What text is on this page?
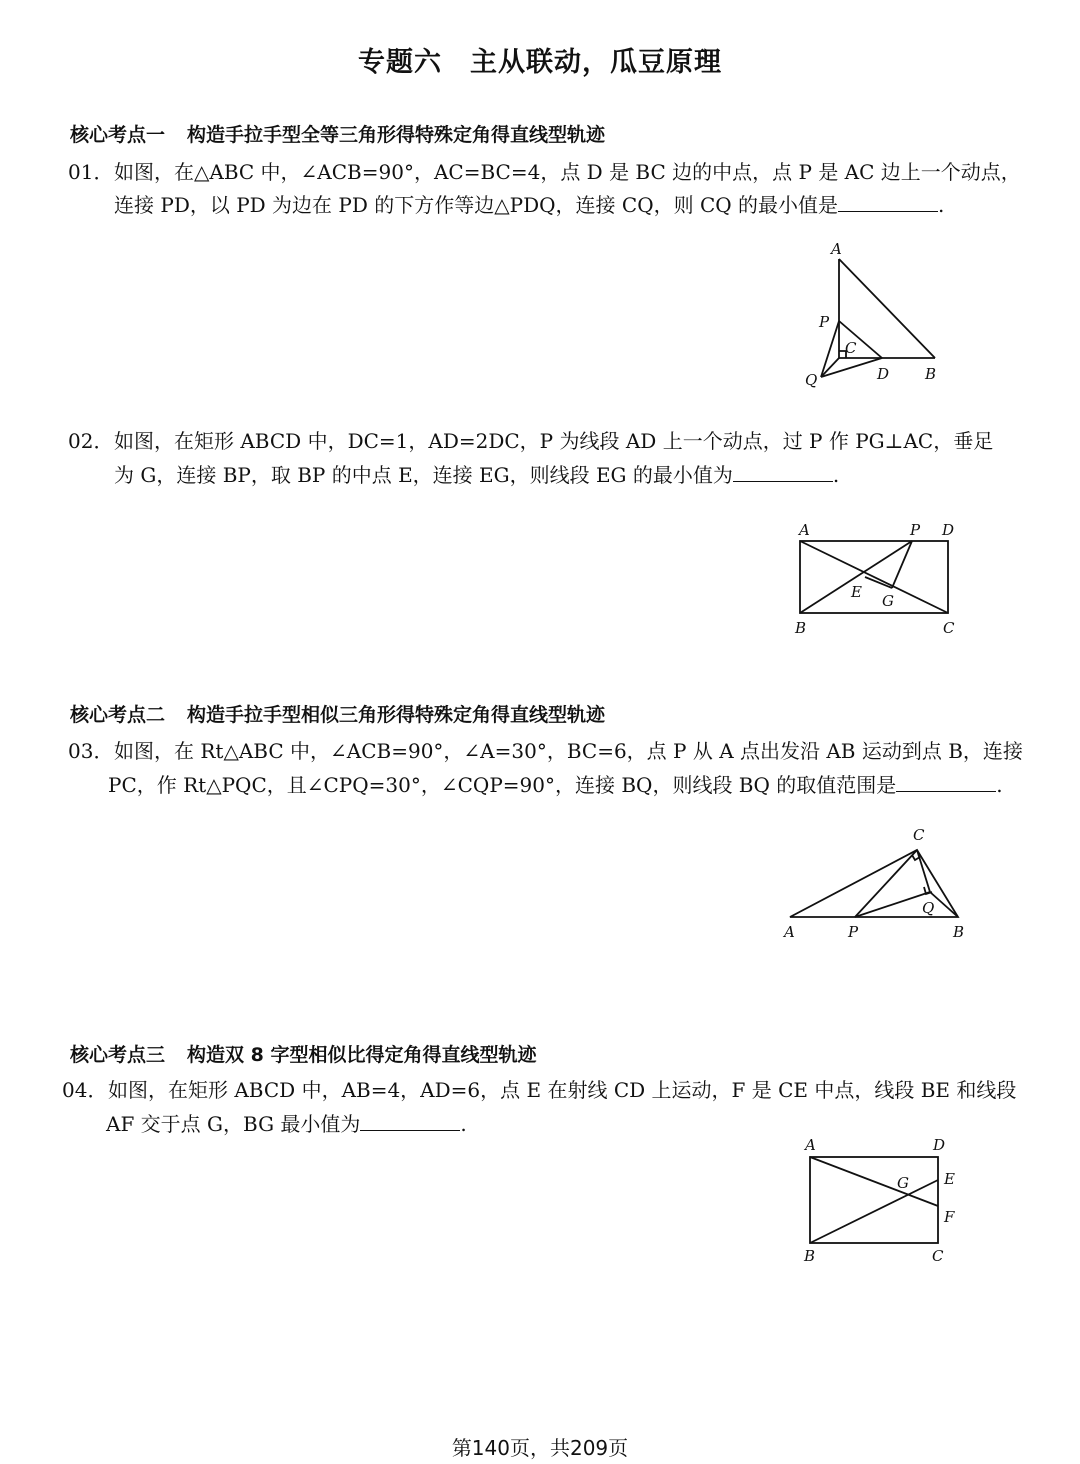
专题六　主从联动，瓜豆原理
核心考点一 构造手拉手型全等三角形得特殊定角得直线型轨迹
01．如图，在△ABC 中，∠ACB=90°，AC=BC=4，点 D 是 BC 边的中点，点 P 是 AC 边上一个动点，
连接 PD，以 PD 为边在 PD 的下方作等边△PDQ，连接 CQ，则 CQ 的最小值是	.
A
P
C
Q	D B
02．如图，在矩形 ABCD 中，DC=1，AD=2DC，P 为线段 AD 上一个动点，过 P 作 PG⊥AC，垂足
为 G，连接 BP，取 BP 的中点 E，连接 EG，则线段 EG 的最小值为	.
A	P D
E G
B	C
核心考点二 构造手拉手型相似三角形得特殊定角得直线型轨迹
03．如图，在 Rt△ABC 中，∠ACB=90°，∠A=30°，BC=6，点 P 从 A 点出发沿 AB 运动到点 B，连接
PC，作 Rt△PQC，且∠CPQ=30°，∠CQP=90°，连接 BQ，则线段 BQ 的取值范围是	.
C
Q
A	P	B
核心考点三 构造双 8 字型相似比得定角得直线型轨迹
04．如图，在矩形 ABCD 中，AB=4，AD=6，点 E 在射线 CD 上运动，F 是 CE 中点，线段 BE 和线段
AF 交于点 G，BG 最小值为	.
A	D
G E
F
B	C
第140页，共209页
